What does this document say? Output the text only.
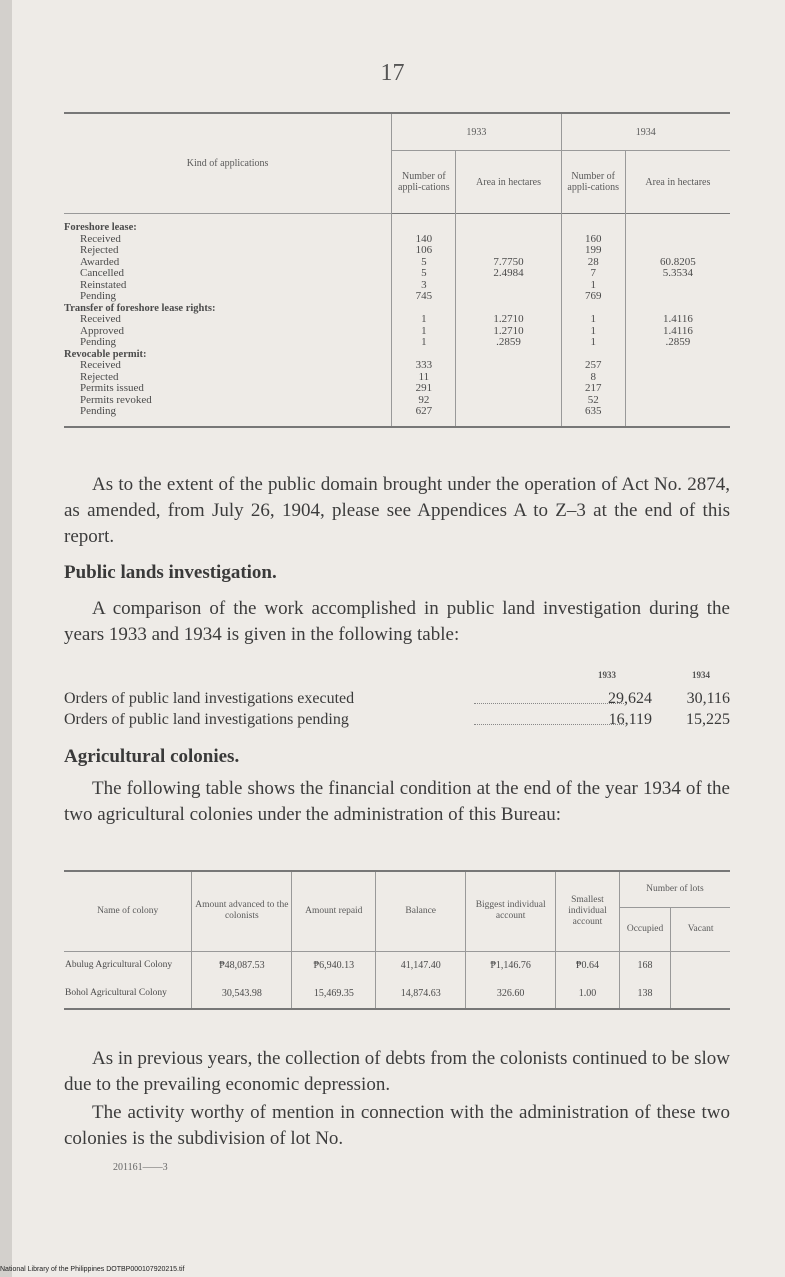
17
Kind of applications	1933		1934	
	Number of appli-cations	Area in hectares	Number of appli-cations	Area in hectares
Foreshore lease:				
Received	140		160	
Rejected	106		199	
Awarded	5	7.7750	28	60.8205
Cancelled	5	2.4984	7	5.3534
Reinstated	3		1	
Pending	745		769	
Transfer of foreshore lease rights:				
Received	1	1.2710	1	1.4116
Approved	1	1.2710	1	1.4116
Pending	1	.2859	1	.2859
Revocable permit:				
Received	333		257	
Rejected	11		8	
Permits issued	291		217	
Permits revoked	92		52	
Pending	627		635	
As to the extent of the public domain brought under the operation of Act No. 2874, as amended, from July 26, 1904, please see Appendices A to Z–3 at the end of this report.
Public lands investigation.
A comparison of the work accomplished in public land investigation during the years 1933 and 1934 is given in the following table:
1933	1934
Orders of public land investigations executed	29,624 30,116
Orders of public land investigations pending	16,119 15,225
Agricultural colonies.
The following table shows the financial condition at the end of the year 1934 of the two agricultural colonies under the administration of this Bureau:
Name of colony	Amount advanced to the colonists	Amount repaid	Balance	Biggest individual account	Smallest individual account	Number of lots	
						Occupied	Vacant
Abulug Agricultural Colony	₱48,087.53	₱6,940.13	41,147.40	₱1,146.76	₱0.64	168	
Bohol Agricultural Colony	30,543.98	15,469.35	14,874.63	326.60	1.00	138	
As in previous years, the collection of debts from the colonists continued to be slow due to the prevailing economic depression.
The activity worthy of mention in connection with the administration of these two colonies is the subdivision of lot No.
201161——3
National Library of the Philippines DOTBP000107920215.tif
